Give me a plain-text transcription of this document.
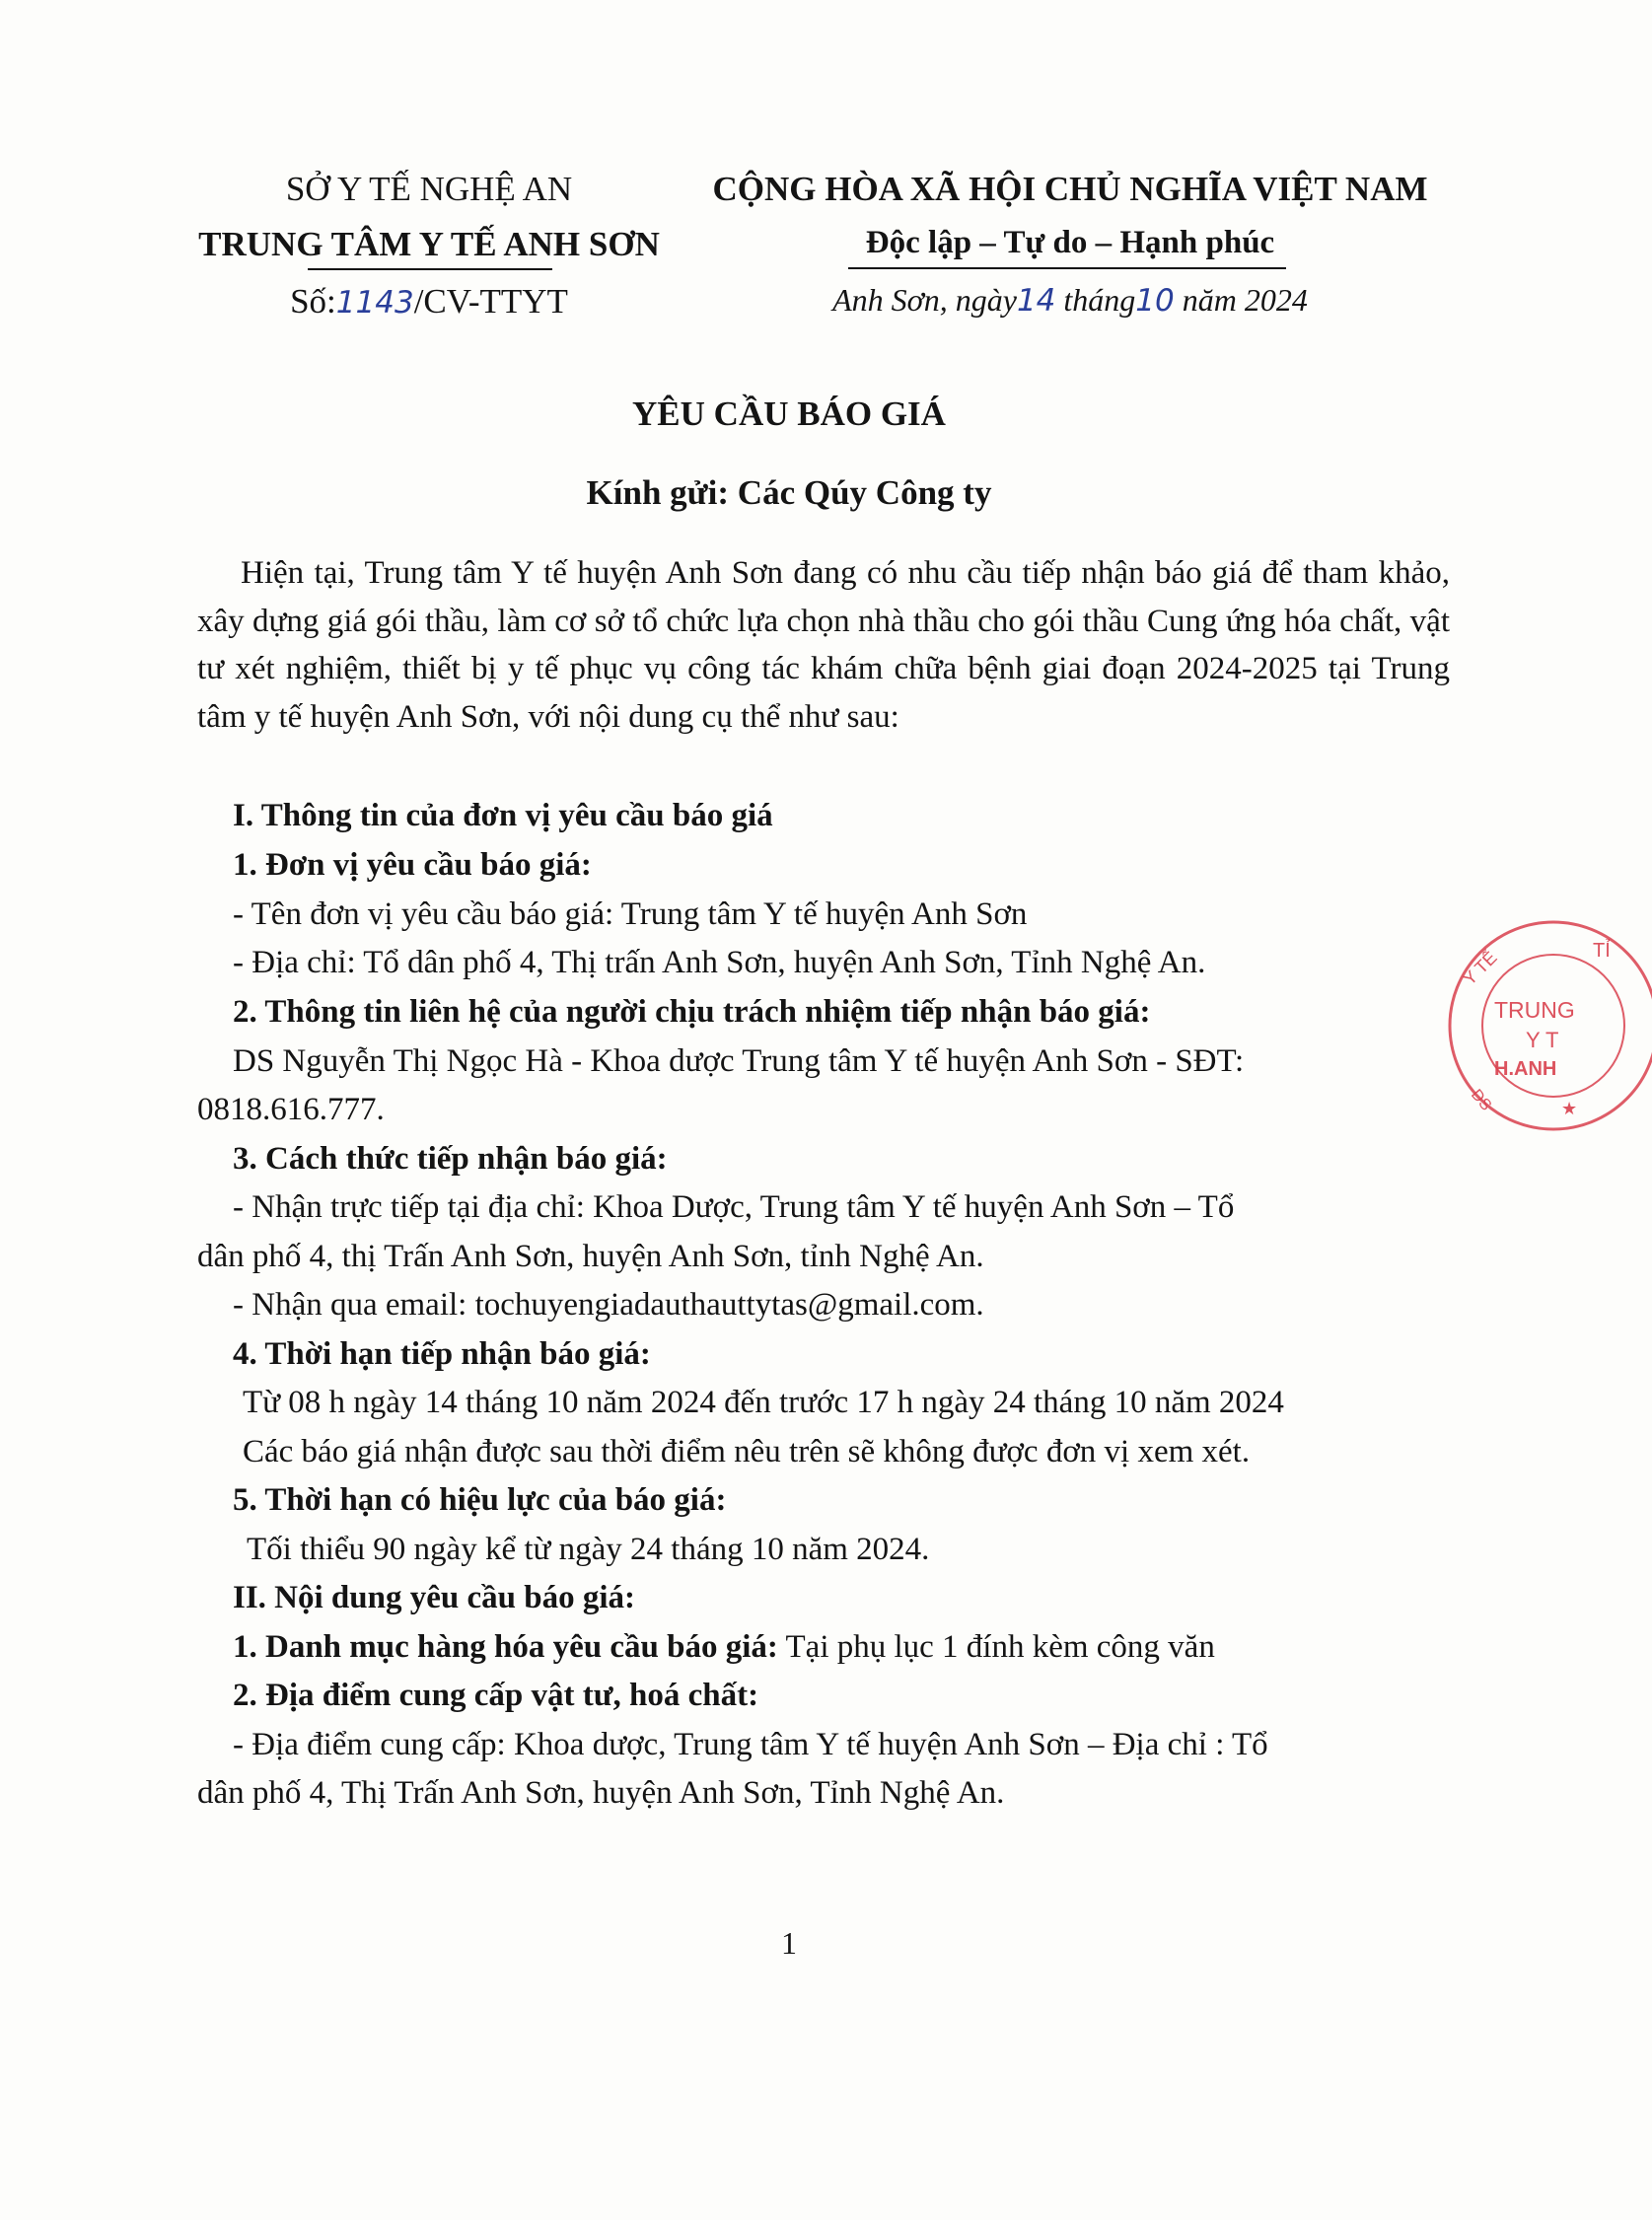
SỞ Y TẾ NGHỆ AN
TRUNG TÂM Y TẾ ANH SƠN
Số:1143/CV-TTYT
CỘNG HÒA XÃ HỘI CHỦ NGHĨA VIỆT NAM
Độc lập – Tự do – Hạnh phúc
Anh Sơn, ngày14 tháng10 năm 2024
YÊU CẦU BÁO GIÁ
Kính gửi: Các Qúy Công ty
Hiện tại, Trung tâm Y tế huyện Anh Sơn đang có nhu cầu tiếp nhận báo giá để tham khảo, xây dựng giá gói thầu, làm cơ sở tổ chức lựa chọn nhà thầu cho gói thầu Cung ứng hóa chất, vật tư xét nghiệm, thiết bị y tế phục vụ công tác khám chữa bệnh giai đoạn 2024-2025 tại Trung tâm y tế huyện Anh Sơn, với nội dung cụ thể như sau:
I. Thông tin của đơn vị yêu cầu báo giá
1. Đơn vị yêu cầu báo giá:
- Tên đơn vị yêu cầu báo giá: Trung tâm Y tế huyện Anh Sơn
- Địa chỉ: Tổ dân phố 4, Thị trấn Anh Sơn, huyện Anh Sơn, Tỉnh Nghệ An.
2. Thông tin liên hệ của người chịu trách nhiệm tiếp nhận báo giá:
DS Nguyễn Thị Ngọc Hà - Khoa dược Trung tâm Y tế huyện Anh Sơn - SĐT:
0818.616.777.
3. Cách thức tiếp nhận báo giá:
- Nhận trực tiếp tại địa chỉ: Khoa Dược, Trung tâm Y tế huyện Anh Sơn – Tổ
dân phố 4, thị Trấn Anh Sơn, huyện Anh Sơn, tỉnh Nghệ An.
- Nhận qua email: tochuyengiadauthauttytas@gmail.com.
4. Thời hạn tiếp nhận báo giá:
Từ 08 h ngày 14 tháng 10 năm 2024 đến trước 17 h ngày 24 tháng 10 năm 2024
Các báo giá nhận được sau thời điểm nêu trên sẽ không được đơn vị xem xét.
5. Thời hạn có hiệu lực của báo giá:
Tối thiểu 90 ngày kể từ ngày 24 tháng 10 năm 2024.
II. Nội dung yêu cầu báo giá:
1. Danh mục hàng hóa yêu cầu báo giá: Tại phụ lục 1 đính kèm công văn
2. Địa điểm cung cấp vật tư, hoá chất:
- Địa điểm cung cấp: Khoa dược, Trung tâm Y tế huyện Anh Sơn – Địa chỉ : Tổ
dân phố 4, Thị Trấn Anh Sơn, huyện Anh Sơn, Tỉnh Nghệ An.
1
TỈ
Y TẾ
TRUNG
Y T
H.ANH
DS	★
